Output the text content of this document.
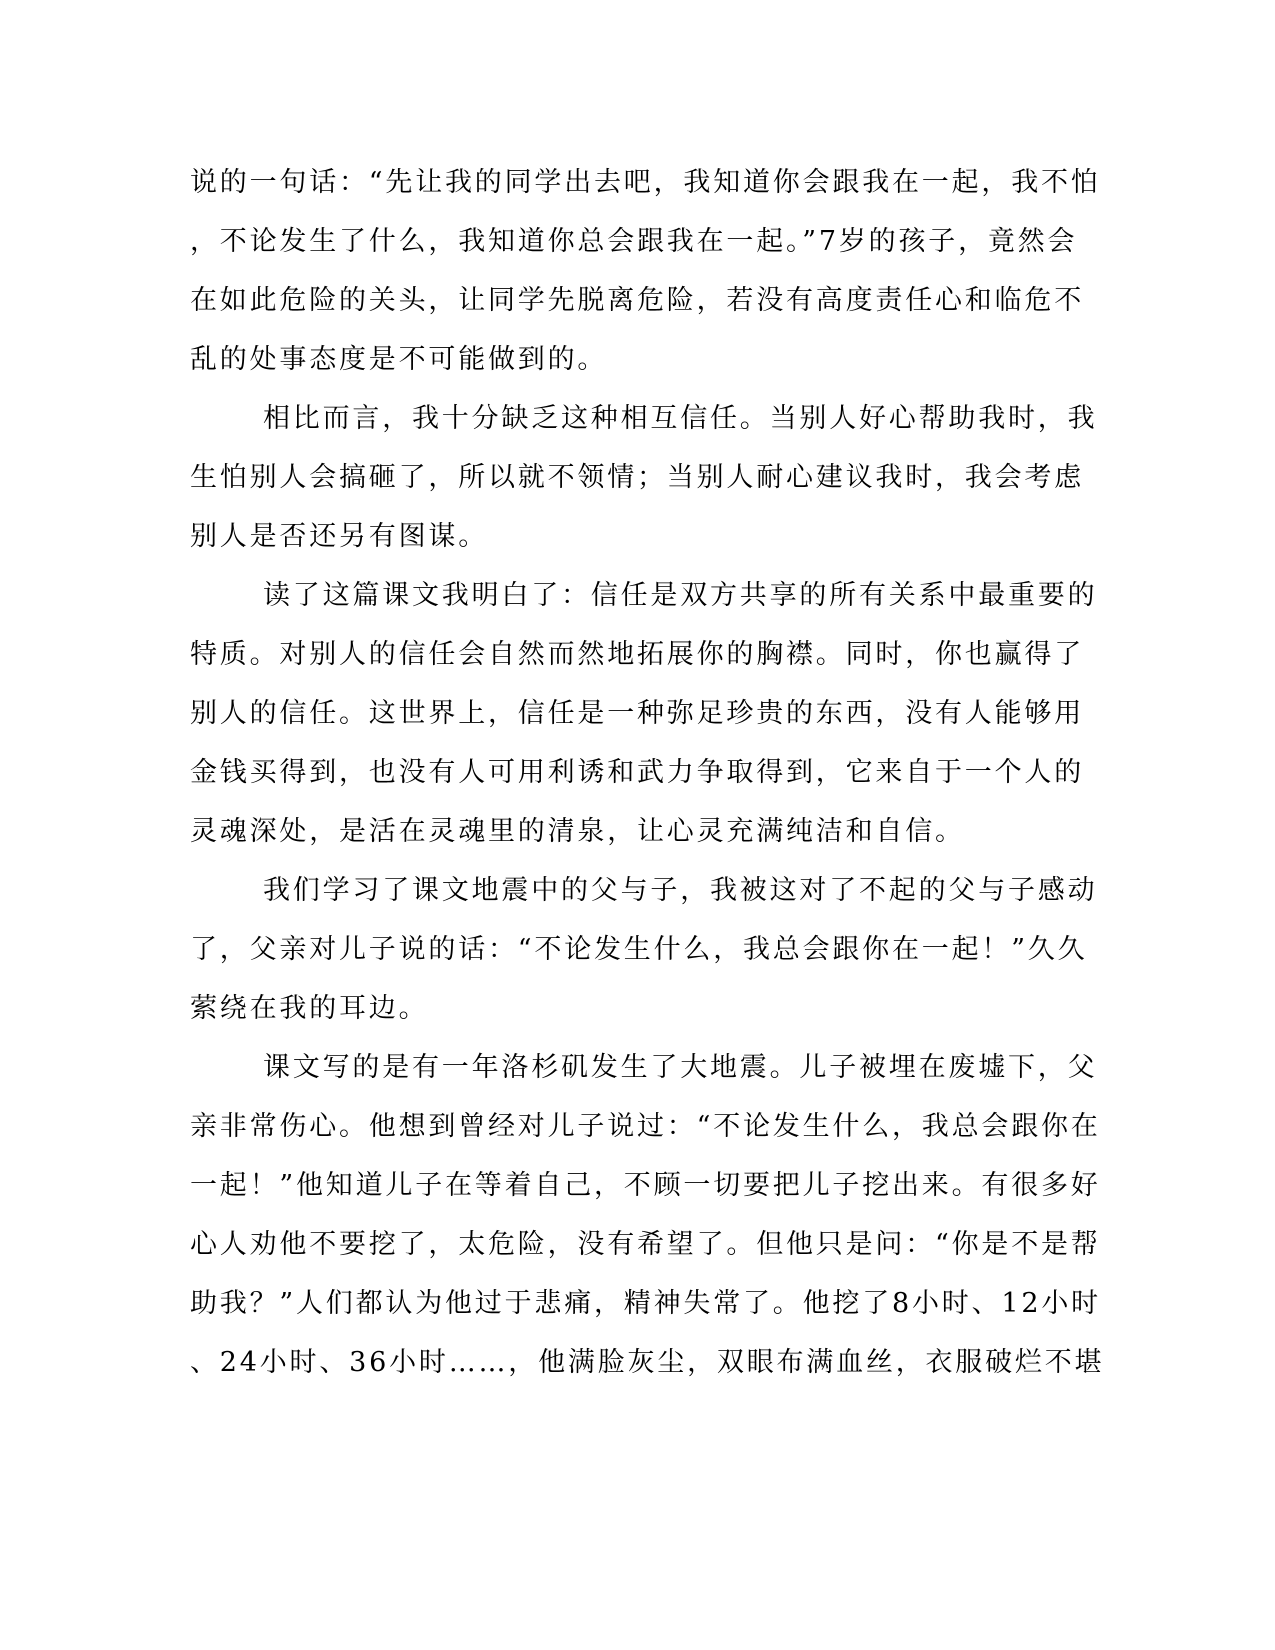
说的一句话：“先让我的同学出去吧，我知道你会跟我在一起，我不怕
，不论发生了什么，我知道你总会跟我在一起。”7岁的孩子，竟然会
在如此危险的关头，让同学先脱离危险，若没有高度责任心和临危不
乱的处事态度是不可能做到的。
相比而言，我十分缺乏这种相互信任。当别人好心帮助我时，我
生怕别人会搞砸了，所以就不领情；当别人耐心建议我时，我会考虑
别人是否还另有图谋。
读了这篇课文我明白了：信任是双方共享的所有关系中最重要的
特质。对别人的信任会自然而然地拓展你的胸襟。同时，你也赢得了
别人的信任。这世界上，信任是一种弥足珍贵的东西，没有人能够用
金钱买得到，也没有人可用利诱和武力争取得到，它来自于一个人的
灵魂深处，是活在灵魂里的清泉，让心灵充满纯洁和自信。
我们学习了课文地震中的父与子，我被这对了不起的父与子感动
了，父亲对儿子说的话：“不论发生什么，我总会跟你在一起！”久久
萦绕在我的耳边。
课文写的是有一年洛杉矶发生了大地震。儿子被埋在废墟下，父
亲非常伤心。他想到曾经对儿子说过：“不论发生什么，我总会跟你在
一起！”他知道儿子在等着自己，不顾一切要把儿子挖出来。有很多好
心人劝他不要挖了，太危险，没有希望了。但他只是问：“你是不是帮
助我？”人们都认为他过于悲痛，精神失常了。他挖了8小时、12小时
、24小时、36小时……，他满脸灰尘，双眼布满血丝，衣服破烂不堪
